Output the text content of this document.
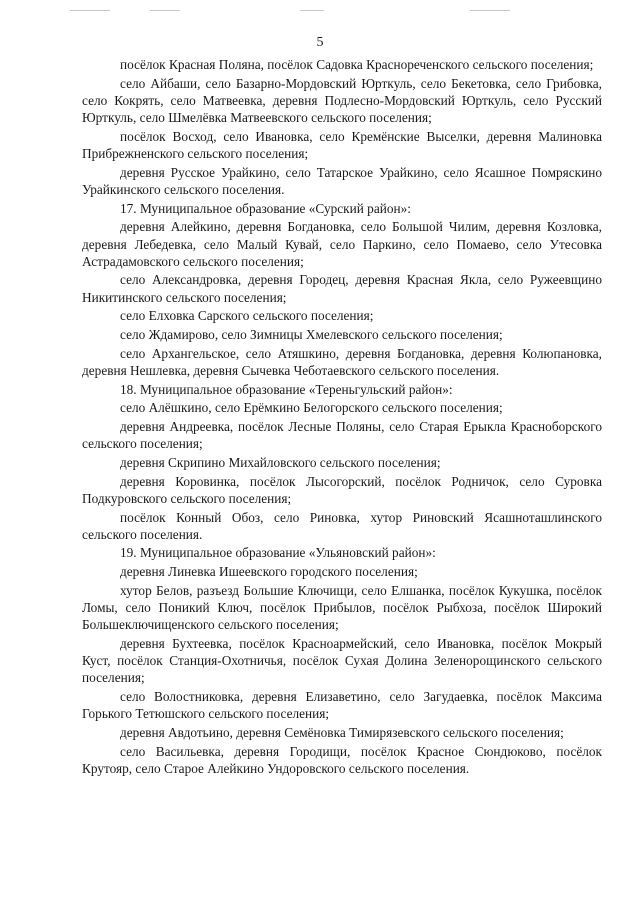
5

посёлок Красная Поляна, посёлок Садовка Краснореченского сельского поселения;

село Айбаши, село Базарно-Мордовский Юрткуль, село Бекетовка, село Грибовка, село Кокрять, село Матвеевка, деревня Подлесно-Мордовский Юрткуль, село Русский Юрткуль, село Шмелёвка Матвеевского сельского поселения;

посёлок Восход, село Ивановка, село Кремёнские Выселки, деревня Малиновка Прибрежненского сельского поселения;

деревня Русское Урайкино, село Татарское Урайкино, село Ясашное Помряскино Урайкинского сельского поселения.

17. Муниципальное образование «Сурский район»:

деревня Алейкино, деревня Богдановка, село Большой Чилим, деревня Козловка, деревня Лебедевка, село Малый Кувай, село Паркино, село Помаево, село Утесовка Астрадамовского сельского поселения;

село Александровка, деревня Городец, деревня Красная Якла, село Ружеевщино Никитинского сельского поселения;

село Елховка Сарского сельского поселения;

село Ждамирово, село Зимницы Хмелевского сельского поселения;

село Архангельское, село Атяшкино, деревня Богдановка, деревня Колюпановка, деревня Нешлевка, деревня Сычевка Чеботаевского сельского поселения.

18. Муниципальное образование «Тереньгульский район»:

село Алёшкино, село Ерёмкино Белогорского сельского поселения;

деревня Андреевка, посёлок Лесные Поляны, село Старая Ерыкла Красноборского сельского поселения;

деревня Скрипино Михайловского сельского поселения;

деревня Коровинка, посёлок Лысогорский, посёлок Родничок, село Суровка Подкуровского сельского поселения;

посёлок Конный Обоз, село Риновка, хутор Риновский Ясашноташлинского сельского поселения.

19. Муниципальное образование «Ульяновский район»:

деревня Линевка Ишеевского городского поселения;

хутор Белов, разъезд Большие Ключищи, село Елшанка, посёлок Кукушка, посёлок Ломы, село Поникий Ключ, посёлок Прибылов, посёлок Рыбхоза, посёлок Широкий Большеключищенского сельского поселения;

деревня Бухтеевка, посёлок Красноармейский, село Ивановка, посёлок Мокрый Куст, посёлок Станция-Охотничья, посёлок Сухая Долина Зеленорощинского сельского поселения;

село Волостниковка, деревня Елизаветино, село Загудаевка, посёлок Максима Горького Тетюшского сельского поселения;

деревня Авдотьино, деревня Семёновка Тимирязевского сельского поселения;

село Васильевка, деревня Городищи, посёлок Красное Сюндюково, посёлок Крутояр, село Старое Алейкино Ундоровского сельского поселения.
